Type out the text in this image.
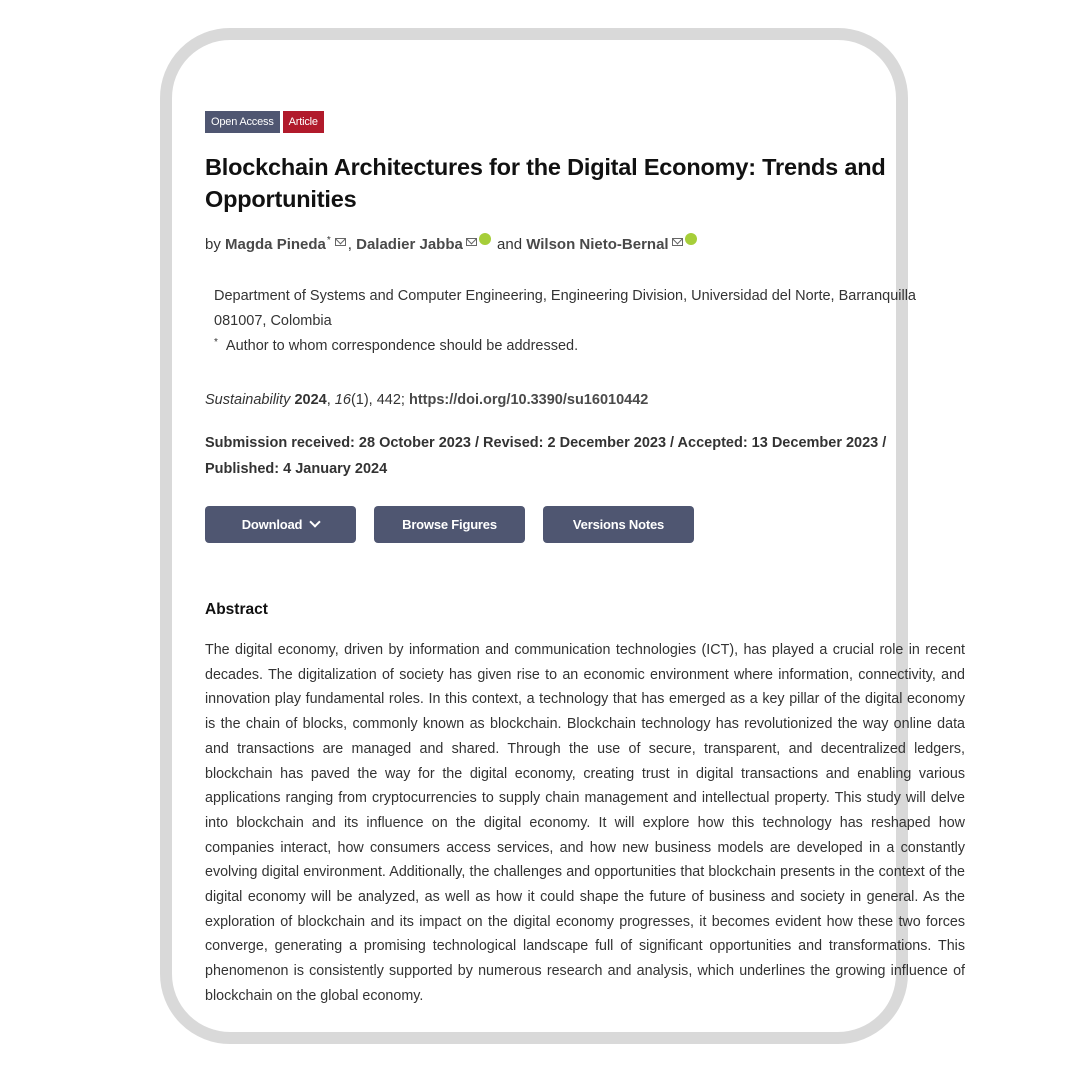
Open Access	Article
Blockchain Architectures for the Digital Economy: Trends and Opportunities
by Magda Pineda* , Daladier Jabba and Wilson Nieto-Bernal
Department of Systems and Computer Engineering, Engineering Division, Universidad del Norte, Barranquilla 081007, Colombia
* Author to whom correspondence should be addressed.
Sustainability 2024, 16(1), 442; https://doi.org/10.3390/su16010442
Submission received: 28 October 2023 / Revised: 2 December 2023 / Accepted: 13 December 2023 /
Published: 4 January 2024
Download	Browse Figures	Versions Notes
Abstract

The digital economy, driven by information and communication technologies (ICT), has played a crucial role in recent decades. The digitalization of society has given rise to an economic environment where information, connectivity, and innovation play fundamental roles. In this context, a technology that has emerged as a key pillar of the digital economy is the chain of blocks, commonly known as blockchain. Blockchain technology has revolutionized the way online data and transactions are managed and shared. Through the use of secure, transparent, and decentralized ledgers, blockchain has paved the way for the digital economy, creating trust in digital transactions and enabling various applications ranging from cryptocurrencies to supply chain management and intellectual property. This study will delve into blockchain and its influence on the digital economy. It will explore how this technology has reshaped how companies interact, how consumers access services, and how new business models are developed in a constantly evolving digital environment. Additionally, the challenges and opportunities that blockchain presents in the context of the digital economy will be analyzed, as well as how it could shape the future of business and society in general. As the exploration of blockchain and its impact on the digital economy progresses, it becomes evident how these two forces converge, generating a promising technological landscape full of significant opportunities and transformations. This phenomenon is consistently supported by numerous research and analysis, which underlines the growing influence of blockchain on the global economy.
